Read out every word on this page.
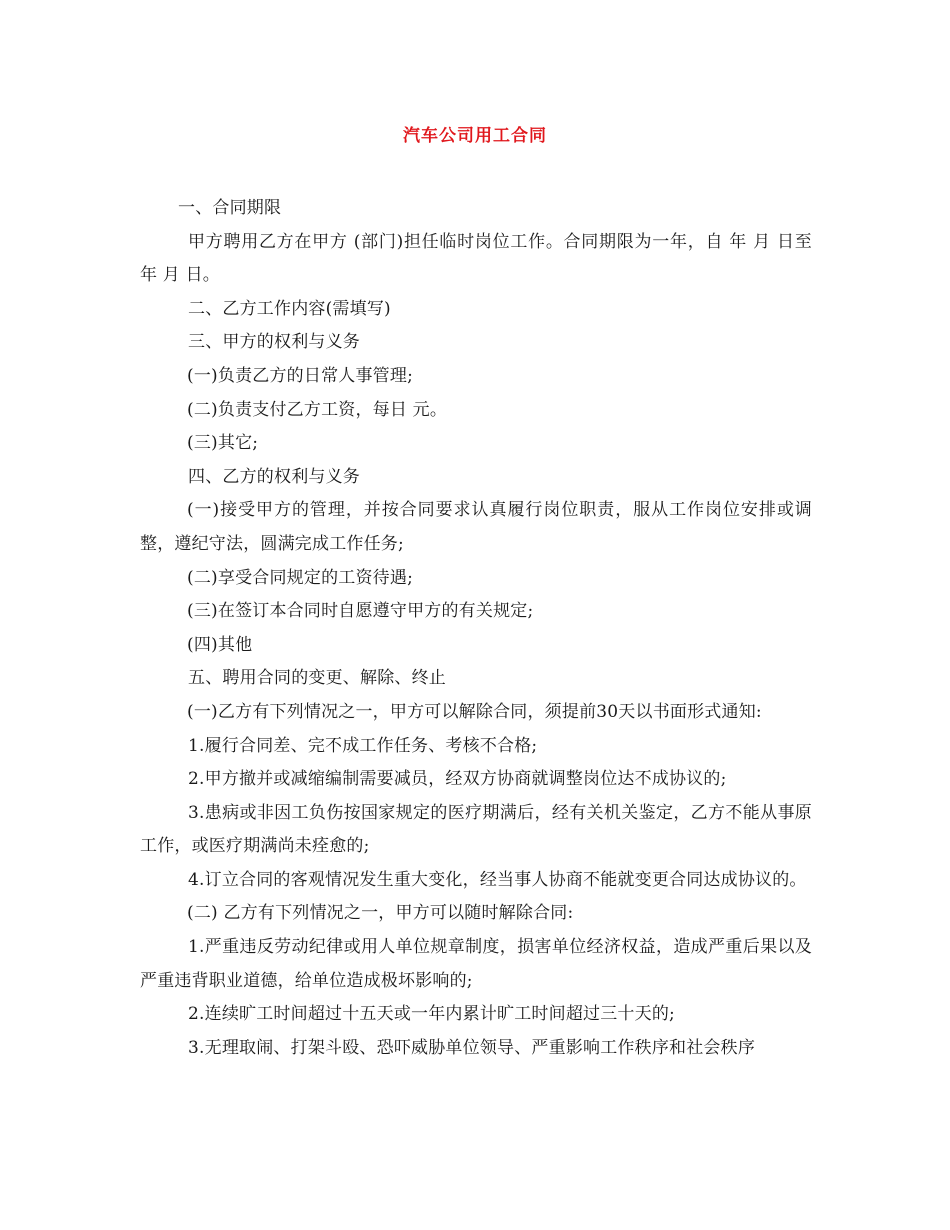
汽车公司用工合同

一、合同期限

甲方聘用乙方在甲方 (部门)担任临时岗位工作。合同期限为一年，自 年 月 日至 年 月 日。

二、乙方工作内容(需填写)

三、甲方的权利与义务

(一)负责乙方的日常人事管理;

(二)负责支付乙方工资，每日 元。

(三)其它;

四、乙方的权利与义务

(一)接受甲方的管理，并按合同要求认真履行岗位职责，服从工作岗位安排或调整，遵纪守法，圆满完成工作任务;

(二)享受合同规定的工资待遇;

(三)在签订本合同时自愿遵守甲方的有关规定;

(四)其他

五、聘用合同的变更、解除、终止

(一)乙方有下列情况之一，甲方可以解除合同，须提前30天以书面形式通知:

1.履行合同差、完不成工作任务、考核不合格;

2.甲方撤并或减缩编制需要减员，经双方协商就调整岗位达不成协议的;

3.患病或非因工负伤按国家规定的医疗期满后，经有关机关鉴定，乙方不能从事原工作，或医疗期满尚未痊愈的;

4.订立合同的客观情况发生重大变化，经当事人协商不能就变更合同达成协议的。

(二) 乙方有下列情况之一，甲方可以随时解除合同:

1.严重违反劳动纪律或用人单位规章制度，损害单位经济权益，造成严重后果以及严重违背职业道德，给单位造成极坏影响的;

2.连续旷工时间超过十五天或一年内累计旷工时间超过三十天的;

3.无理取闹、打架斗殴、恐吓威胁单位领导、严重影响工作秩序和社会秩序
